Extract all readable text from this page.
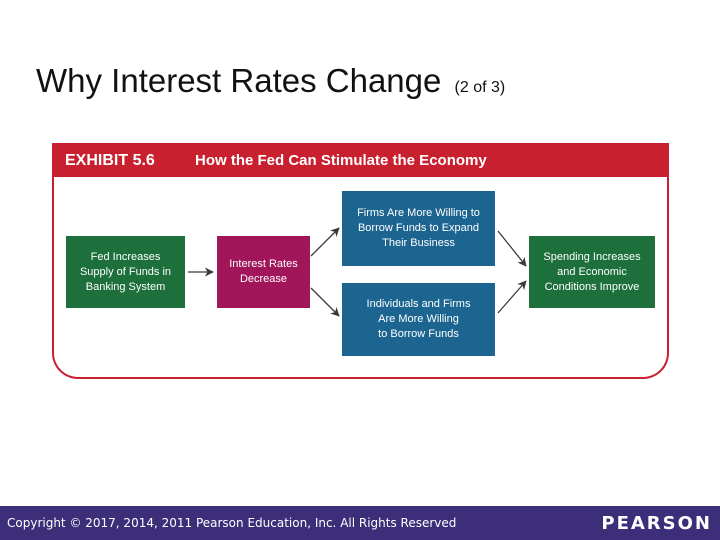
Why Interest Rates Change (2 of 3)
EXHIBIT 5.6	How the Fed Can Stimulate the Economy
Fed Increases
Supply of Funds in
Banking System
Interest Rates
Decrease
Firms Are More Willing to
Borrow Funds to Expand
Their Business
Individuals and Firms
Are More Willing
to Borrow Funds
Spending Increases
and Economic
Conditions Improve
Copyright © 2017, 2014, 2011 Pearson Education, Inc. All Rights Reserved	PEARSON
